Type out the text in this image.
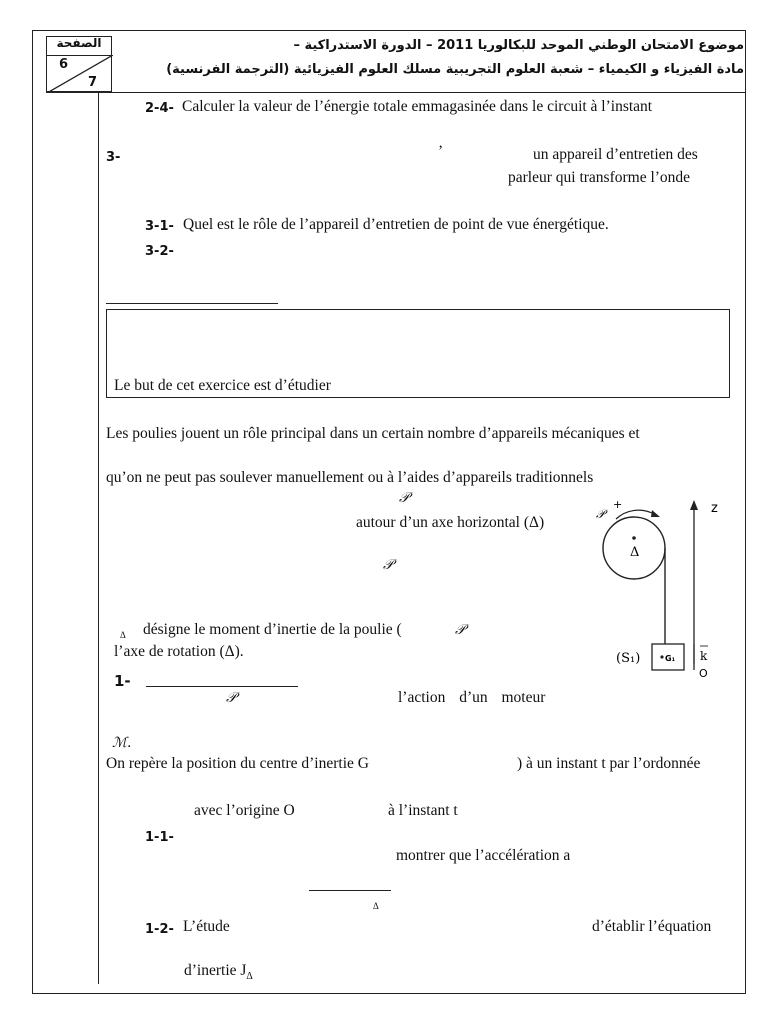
الصفحة
6
7
موضوع الامتحان الوطني الموحد للبكالوريا 2011 – الدورة الاستدراكية –
مادة الفيزياء و الكيمياء – شعبة العلوم التجريبية مسلك العلوم الفيزيائية (الترجمة الفرنسية)
2-4- Calculer la valeur de l’énergie totale emmagasinée dans le circuit à l’instant
3-	’	un appareil d’entretien des
parleur qui transforme l’onde
3-1- Quel est le rôle de l’appareil d’entretien de point de vue énergétique.
3-2-
Le but de cet exercice est d’étudier
Les poulies jouent un rôle principal dans un certain nombre d’appareils mécaniques et
qu’on ne peut pas soulever manuellement ou à l’aides d’appareils traditionnels
𝒫
autour d’un axe horizontal (Δ)
𝒫
Δ désigne le moment d’inertie de la poulie (	𝒫
l’axe de rotation (Δ).
1-
𝒫	l’action d’un moteur
ℳ.
On repère la position du centre d’inertie G	) à un instant t par l’ordonnée
avec l’origine O	à l’instant t
1-1-
montrer que l’accélération a
Δ
1-2- L’étude	d’établir l’équation
d’inertie $J_\Delta$
Δ
+
𝒫
G₁
(S₁)
z
k
O
